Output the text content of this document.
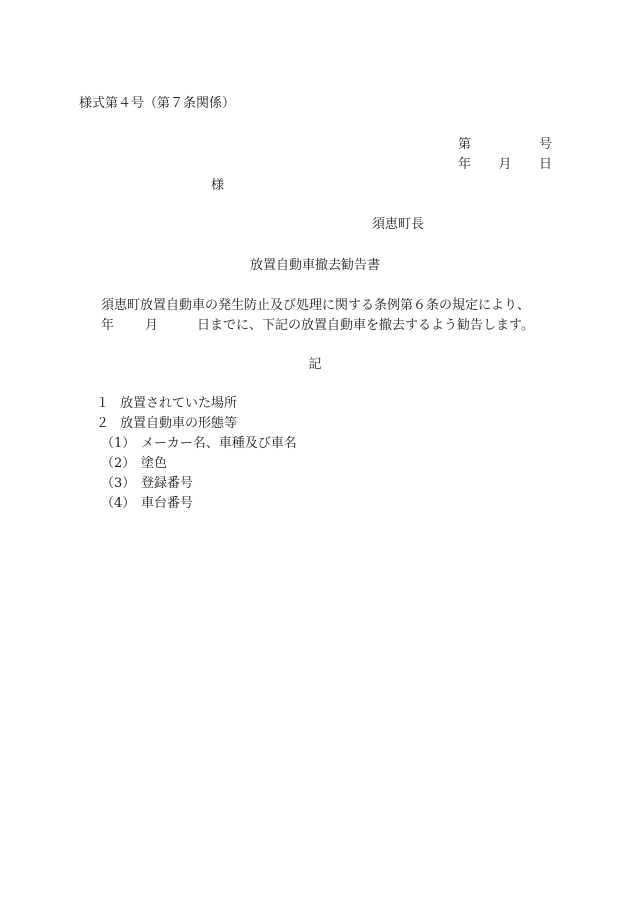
様式第４号（第７条関係）
第	号
年 月 日
様
須恵町長
放置自動車撤去勧告書
須恵町放置自動車の発生防止及び処理に関する条例第６条の規定により、
年	月	日までに、下記の放置自動車を撤去するよう勧告します。
記
１ 放置されていた場所
２ 放置自動車の形態等
（1） メーカー名、車種及び車名
（2） 塗色
（3） 登録番号
（4） 車台番号
